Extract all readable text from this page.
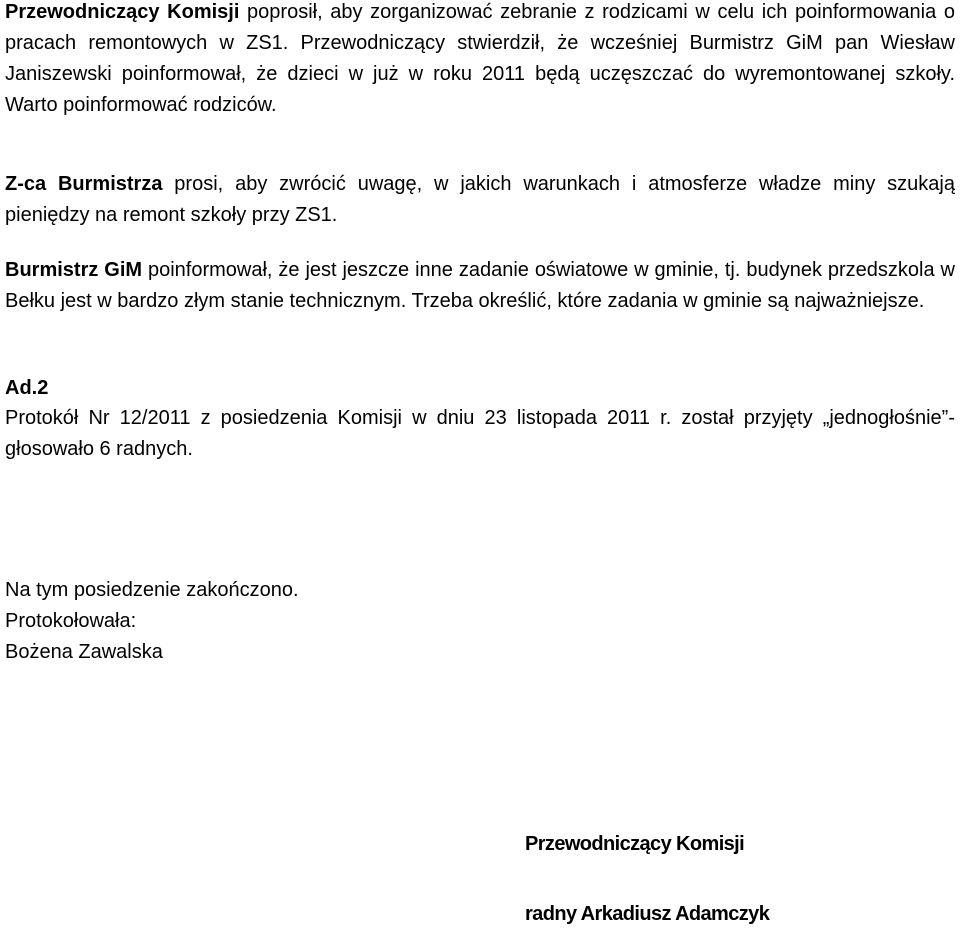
Przewodniczący Komisji poprosił, aby zorganizować zebranie z rodzicami w celu ich poinformowania o pracach remontowych w ZS1. Przewodniczący stwierdził, że wcześniej Burmistrz GiM pan Wiesław Janiszewski poinformował, że dzieci w już w roku 2011 będą uczęszczać do wyremontowanej szkoły. Warto poinformować rodziców.

Z-ca Burmistrza prosi, aby zwrócić uwagę, w jakich warunkach i atmosferze władze miny szukają pieniędzy na remont szkoły przy ZS1.

Burmistrz GiM poinformował, że jest jeszcze inne zadanie oświatowe w gminie, tj. budynek przedszkola w Bełku jest w bardzo złym stanie technicznym. Trzeba określić, które zadania w gminie są najważniejsze.

Ad.2

Protokół Nr 12/2011 z posiedzenia Komisji w dniu 23 listopada 2011 r. został przyjęty „jednogłośnie”- głosowało 6 radnych.

Na tym posiedzenie zakończono.

Protokołowała:

Bożena Zawalska

Przewodniczący Komisji

radny Arkadiusz Adamczyk
